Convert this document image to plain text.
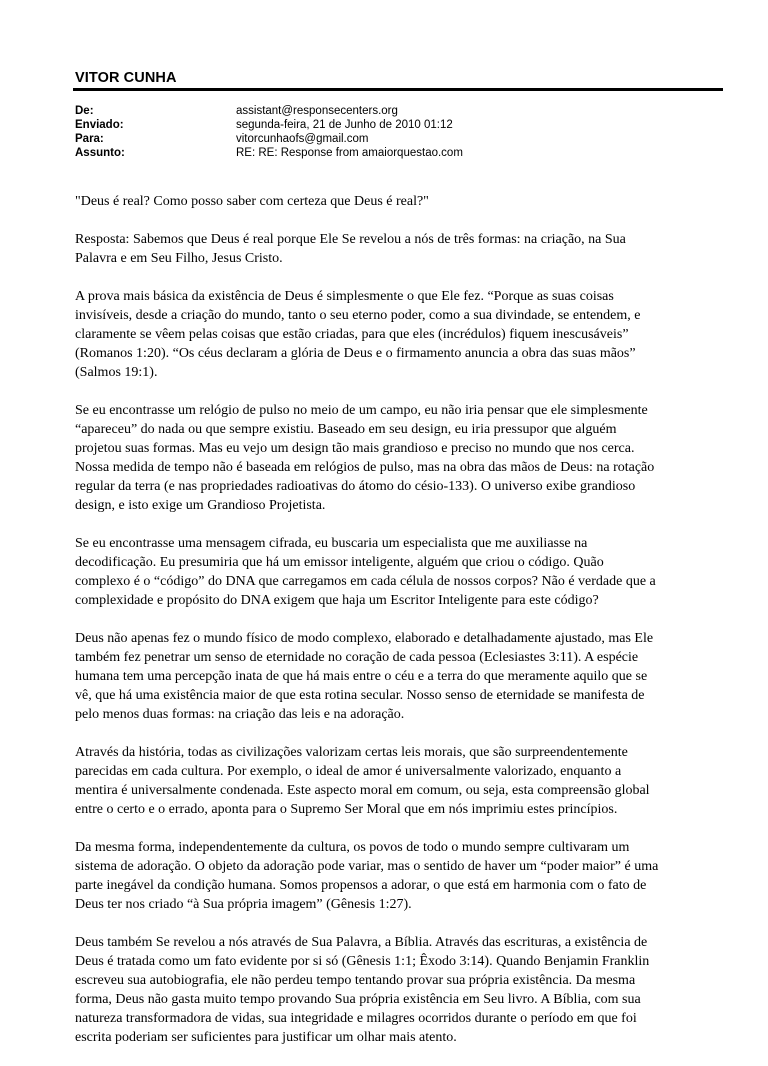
VITOR CUNHA
De:	assistant@responsecenters.org
Enviado:	segunda-feira, 21 de Junho de 2010 01:12
Para:	vitorcunhaofs@gmail.com
Assunto:	RE: RE: Response from amaiorquestao.com
"Deus é real? Como posso saber com certeza que Deus é real?"
Resposta: Sabemos que Deus é real porque Ele Se revelou a nós de três formas: na criação, na Sua
Palavra e em Seu Filho, Jesus Cristo.
A prova mais básica da existência de Deus é simplesmente o que Ele fez. “Porque as suas coisas
invisíveis, desde a criação do mundo, tanto o seu eterno poder, como a sua divindade, se entendem, e
claramente se vêem pelas coisas que estão criadas, para que eles (incrédulos) fiquem inescusáveis”
(Romanos 1:20). “Os céus declaram a glória de Deus e o firmamento anuncia a obra das suas mãos”
(Salmos 19:1).
Se eu encontrasse um relógio de pulso no meio de um campo, eu não iria pensar que ele simplesmente
“apareceu” do nada ou que sempre existiu. Baseado em seu design, eu iria pressupor que alguém
projetou suas formas. Mas eu vejo um design tão mais grandioso e preciso no mundo que nos cerca.
Nossa medida de tempo não é baseada em relógios de pulso, mas na obra das mãos de Deus: na rotação
regular da terra (e nas propriedades radioativas do átomo do césio-133). O universo exibe grandioso
design, e isto exige um Grandioso Projetista.
Se eu encontrasse uma mensagem cifrada, eu buscaria um especialista que me auxiliasse na
decodificação. Eu presumiria que há um emissor inteligente, alguém que criou o código. Quão
complexo é o “código” do DNA que carregamos em cada célula de nossos corpos? Não é verdade que a
complexidade e propósito do DNA exigem que haja um Escritor Inteligente para este código?
Deus não apenas fez o mundo físico de modo complexo, elaborado e detalhadamente ajustado, mas Ele
também fez penetrar um senso de eternidade no coração de cada pessoa (Eclesiastes 3:11). A espécie
humana tem uma percepção inata de que há mais entre o céu e a terra do que meramente aquilo que se
vê, que há uma existência maior de que esta rotina secular. Nosso senso de eternidade se manifesta de
pelo menos duas formas: na criação das leis e na adoração.
Através da história, todas as civilizações valorizam certas leis morais, que são surpreendentemente
parecidas em cada cultura. Por exemplo, o ideal de amor é universalmente valorizado, enquanto a
mentira é universalmente condenada. Este aspecto moral em comum, ou seja, esta compreensão global
entre o certo e o errado, aponta para o Supremo Ser Moral que em nós imprimiu estes princípios.
Da mesma forma, independentemente da cultura, os povos de todo o mundo sempre cultivaram um
sistema de adoração. O objeto da adoração pode variar, mas o sentido de haver um “poder maior” é uma
parte inegável da condição humana. Somos propensos a adorar, o que está em harmonia com o fato de
Deus ter nos criado “à Sua própria imagem” (Gênesis 1:27).
Deus também Se revelou a nós através de Sua Palavra, a Bíblia. Através das escrituras, a existência de
Deus é tratada como um fato evidente por si só (Gênesis 1:1; Êxodo 3:14). Quando Benjamin Franklin
escreveu sua autobiografia, ele não perdeu tempo tentando provar sua própria existência. Da mesma
forma, Deus não gasta muito tempo provando Sua própria existência em Seu livro. A Bíblia, com sua
natureza transformadora de vidas, sua integridade e milagres ocorridos durante o período em que foi
escrita poderiam ser suficientes para justificar um olhar mais atento.
